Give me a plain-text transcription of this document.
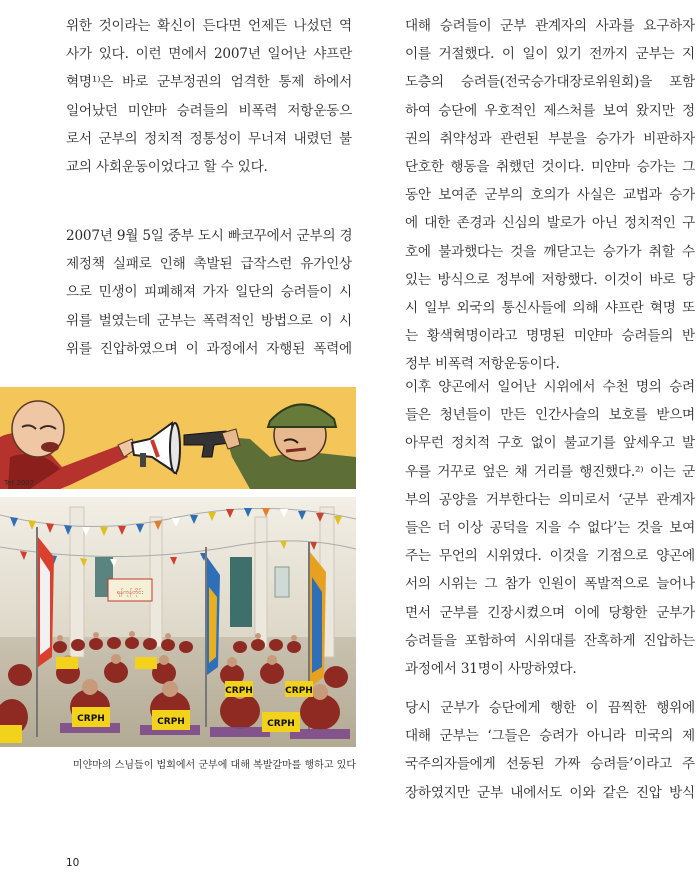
위한 것이라는 확신이 든다면 언제든 나섰던 역
사가 있다. 이런 면에서 2007년 일어난 샤프란
혁명¹⁾은 바로 군부정권의 엄격한 통제 하에서
일어났던 미얀마 승려들의 비폭력 저항운동으
로서 군부의 정치적 정통성이 무너져 내렸던 불
교의 사회운동이었다고 할 수 있다.
2007년 9월 5일 중부 도시 빠코꾸에서 군부의 경
제정책 실패로 인해 촉발된 급작스런 유가인상
으로 민생이 피폐해져 가자 일단의 승려들이 시
위를 벌였는데 군부는 폭력적인 방법으로 이 시
위를 진압하였으며 이 과정에서 자행된 폭력에
Tet 2007
ရန်ကုန်တိုင်း
CRPH	CRPH
CRPH	CRPH	CRPH
미얀마의 스님들이 법회에서 군부에 대해 복발갈마를 행하고 있다
대해 승려들이 군부 관계자의 사과를 요구하자
이를 거절했다. 이 일이 있기 전까지 군부는 지
도층의 승려들(전국승가대장로위원회)을 포함
하여 승단에 우호적인 제스처를 보여 왔지만 정
권의 취약성과 관련된 부분을 승가가 비판하자
단호한 행동을 취했던 것이다. 미얀마 승가는 그
동안 보여준 군부의 호의가 사실은 교법과 승가
에 대한 존경과 신심의 발로가 아닌 정치적인 구
호에 불과했다는 것을 깨닫고는 승가가 취할 수
있는 방식으로 정부에 저항했다. 이것이 바로 당
시 일부 외국의 통신사들에 의해 샤프란 혁명 또
는 황색혁명이라고 명명된 미얀마 승려들의 반
정부 비폭력 저항운동이다.
이후 양곤에서 일어난 시위에서 수천 명의 승려
들은 청년들이 만든 인간사슬의 보호를 받으며
아무런 정치적 구호 없이 불교기를 앞세우고 발
우를 거꾸로 엎은 채 거리를 행진했다.²⁾ 이는 군
부의 공양을 거부한다는 의미로서 ‘군부 관계자
들은 더 이상 공덕을 지을 수 없다’는 것을 보여
주는 무언의 시위였다. 이것을 기점으로 양곤에
서의 시위는 그 참가 인원이 폭발적으로 늘어나
면서 군부를 긴장시켰으며 이에 당황한 군부가
승려들을 포함하여 시위대를 잔혹하게 진압하는
과정에서 31명이 사망하였다.
당시 군부가 승단에게 행한 이 끔찍한 행위에
대해 군부는 ‘그들은 승려가 아니라 미국의 제
국주의자들에게 선동된 가짜 승려들’이라고 주
장하였지만 군부 내에서도 이와 같은 진압 방식
10
